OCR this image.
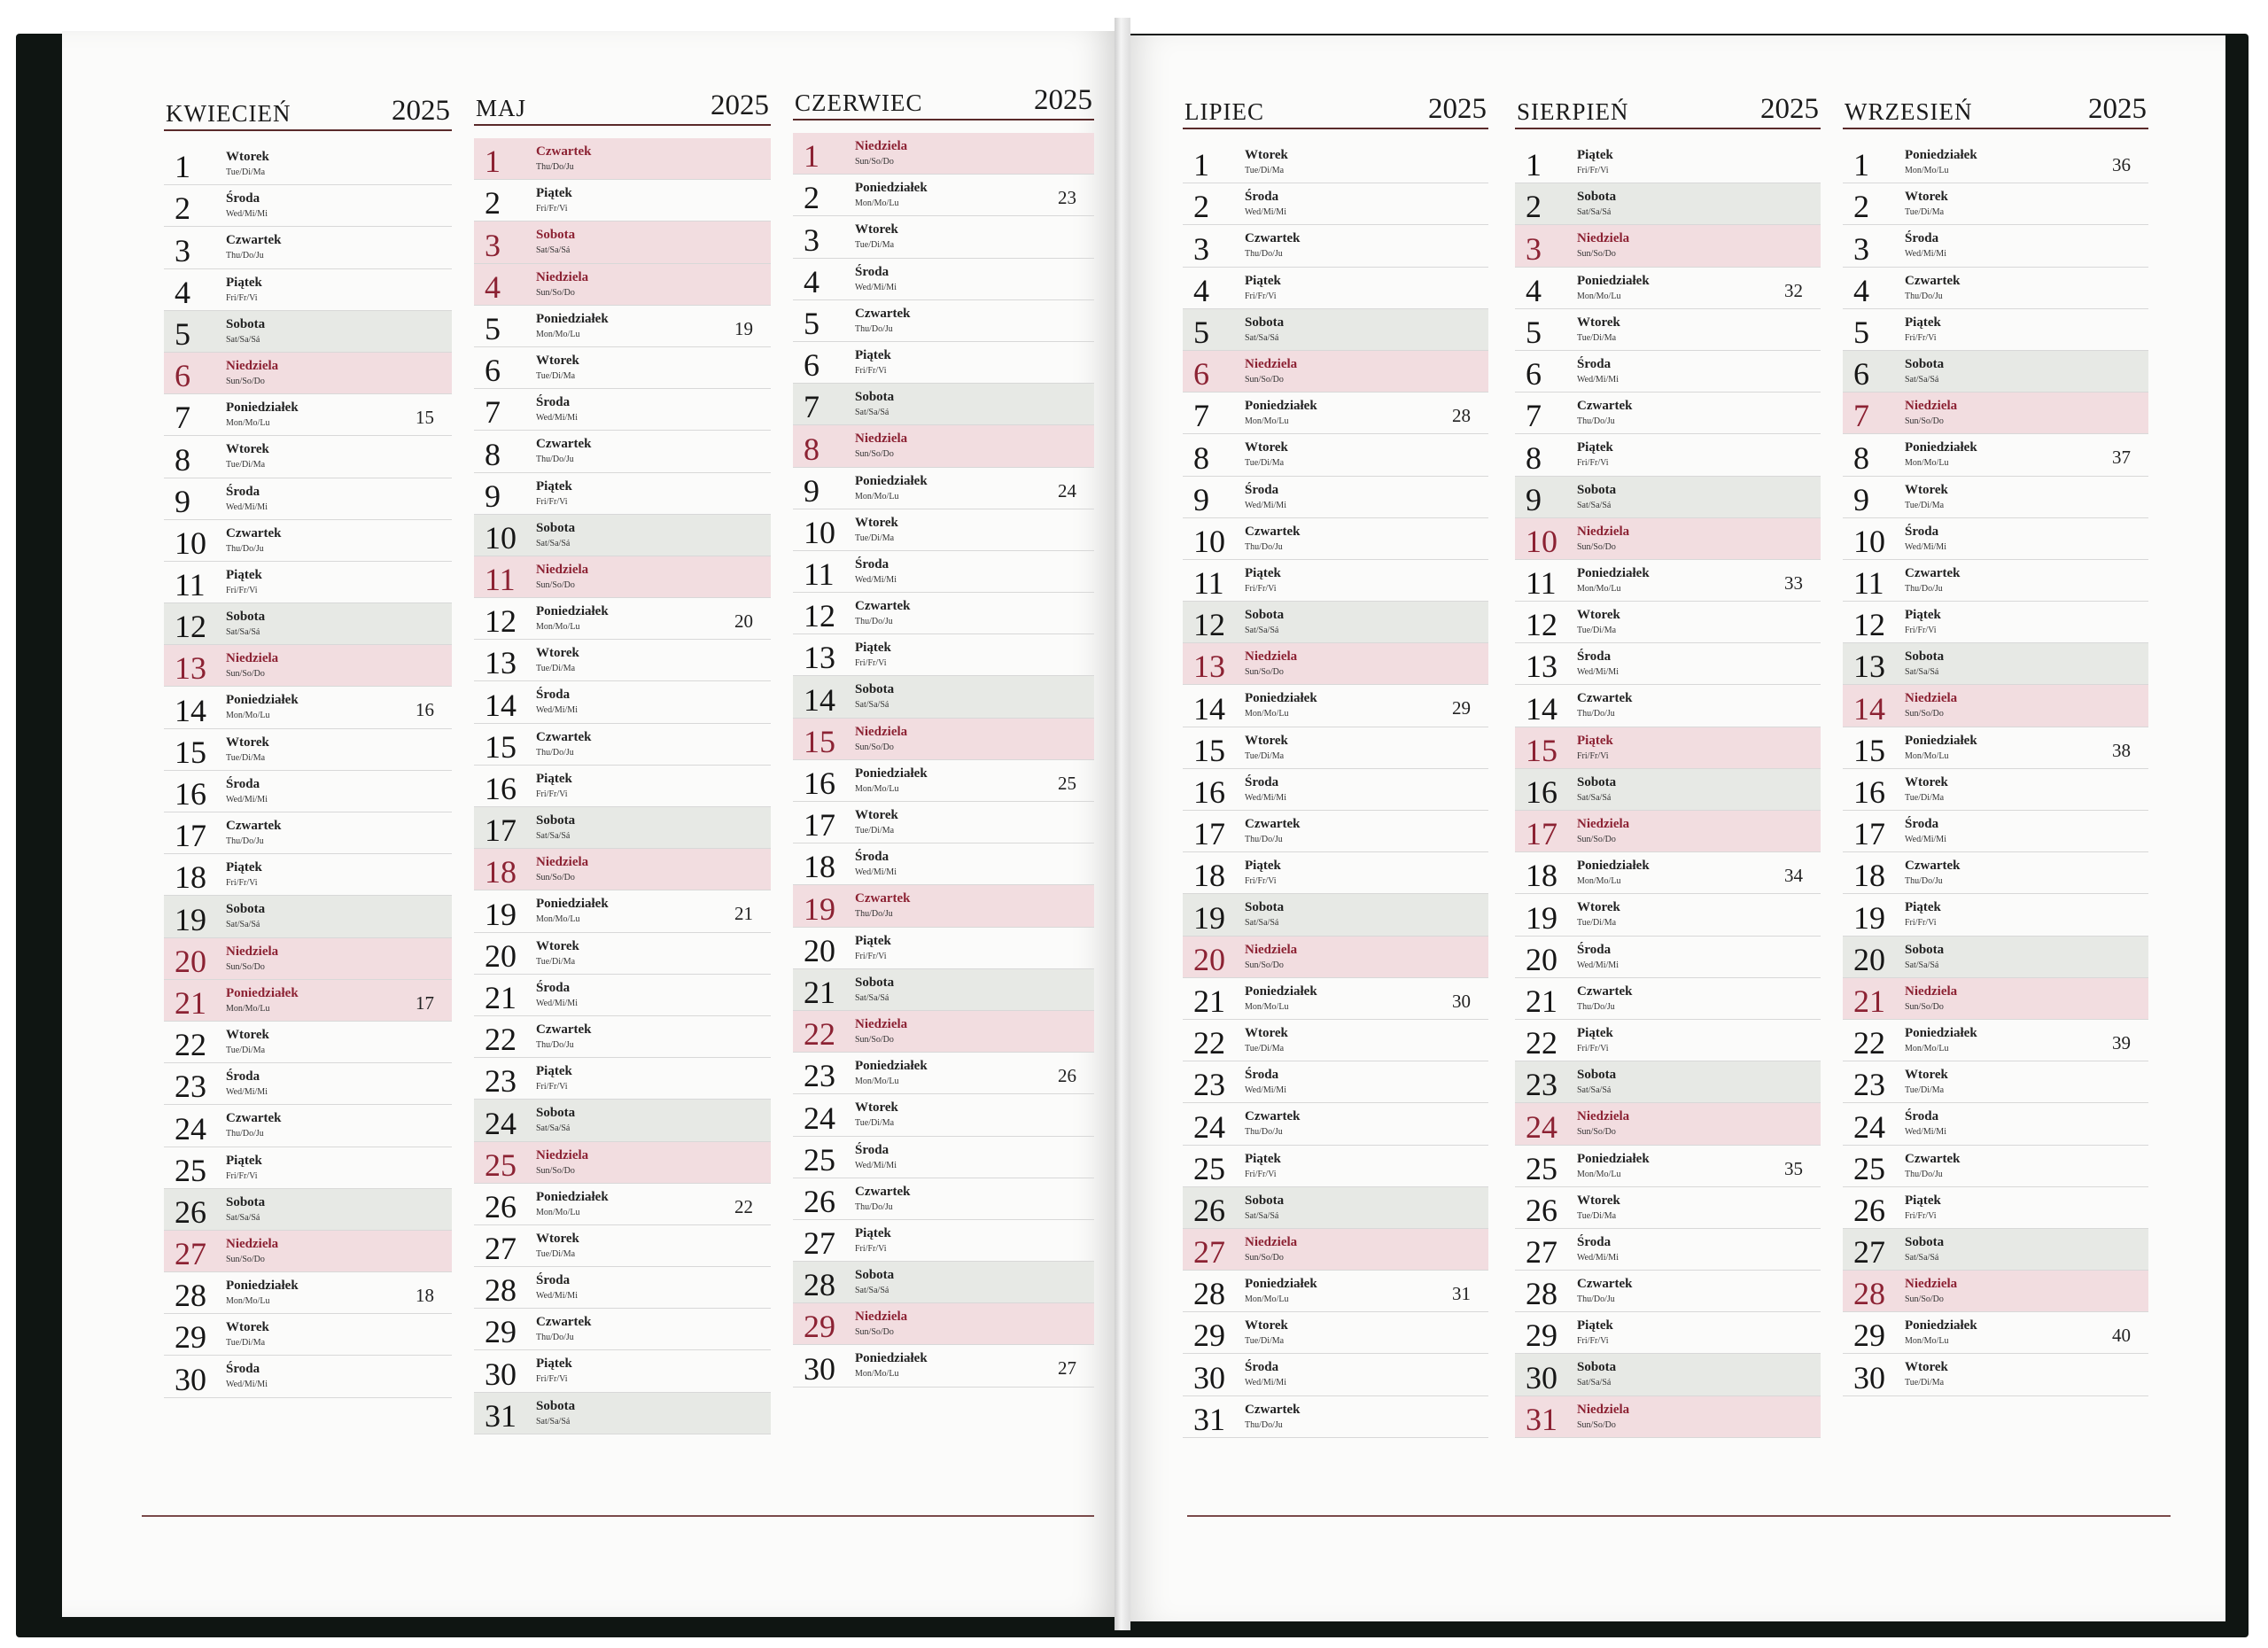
KWIECIEŃ	2025
1	Wtorek
Tue/Di/Ma
2	Środa
Wed/Mi/Mi
3	Czwartek
Thu/Do/Ju
4	Piątek
Fri/Fr/Vi
5	Sobota
Sat/Sa/Sá
6	Niedziela
Sun/So/Do
7	Poniedziałek
Mon/Mo/Lu	15
8	Wtorek
Tue/Di/Ma
9	Środa
Wed/Mi/Mi
10 Czwartek
Thu/Do/Ju
11 Piątek
Fri/Fr/Vi
12 Sobota
Sat/Sa/Sá
13 Niedziela
Sun/So/Do
14 Poniedziałek
Mon/Mo/Lu	16
15 Wtorek
Tue/Di/Ma
16 Środa
Wed/Mi/Mi
17 Czwartek
Thu/Do/Ju
18 Piątek
Fri/Fr/Vi
19 Sobota
Sat/Sa/Sá
20 Niedziela
Sun/So/Do
21 Poniedziałek
Mon/Mo/Lu	17
22 Wtorek
Tue/Di/Ma
23 Środa
Wed/Mi/Mi
24 Czwartek
Thu/Do/Ju
25 Piątek
Fri/Fr/Vi
26 Sobota
Sat/Sa/Sá
27 Niedziela
Sun/So/Do
28 Poniedziałek
Mon/Mo/Lu	18
29 Wtorek
Tue/Di/Ma
30 Środa
Wed/Mi/Mi
MAJ	2025
1	Czwartek
Thu/Do/Ju
2	Piątek
Fri/Fr/Vi
3	Sobota
Sat/Sa/Sá
4	Niedziela
Sun/So/Do
5	Poniedziałek
Mon/Mo/Lu	19
6	Wtorek
Tue/Di/Ma
7	Środa
Wed/Mi/Mi
8	Czwartek
Thu/Do/Ju
9	Piątek
Fri/Fr/Vi
10 Sobota
Sat/Sa/Sá
11 Niedziela
Sun/So/Do
12 Poniedziałek
Mon/Mo/Lu	20
13 Wtorek
Tue/Di/Ma
14 Środa
Wed/Mi/Mi
15 Czwartek
Thu/Do/Ju
16 Piątek
Fri/Fr/Vi
17 Sobota
Sat/Sa/Sá
18 Niedziela
Sun/So/Do
19 Poniedziałek
Mon/Mo/Lu	21
20 Wtorek
Tue/Di/Ma
21 Środa
Wed/Mi/Mi
22 Czwartek
Thu/Do/Ju
23 Piątek
Fri/Fr/Vi
24 Sobota
Sat/Sa/Sá
25 Niedziela
Sun/So/Do
26 Poniedziałek
Mon/Mo/Lu	22
27 Wtorek
Tue/Di/Ma
28 Środa
Wed/Mi/Mi
29 Czwartek
Thu/Do/Ju
30 Piątek
Fri/Fr/Vi
31 Sobota
Sat/Sa/Sá
CZERWIEC	2025
1	Niedziela
Sun/So/Do
2	Poniedziałek
Mon/Mo/Lu	23
3	Wtorek
Tue/Di/Ma
4	Środa
Wed/Mi/Mi
5	Czwartek
Thu/Do/Ju
6	Piątek
Fri/Fr/Vi
7	Sobota
Sat/Sa/Sá
8	Niedziela
Sun/So/Do
9	Poniedziałek
Mon/Mo/Lu	24
10 Wtorek
Tue/Di/Ma
11 Środa
Wed/Mi/Mi
12 Czwartek
Thu/Do/Ju
13 Piątek
Fri/Fr/Vi
14 Sobota
Sat/Sa/Sá
15 Niedziela
Sun/So/Do
16 Poniedziałek
Mon/Mo/Lu	25
17 Wtorek
Tue/Di/Ma
18 Środa
Wed/Mi/Mi
19 Czwartek
Thu/Do/Ju
20 Piątek
Fri/Fr/Vi
21 Sobota
Sat/Sa/Sá
22 Niedziela
Sun/So/Do
23 Poniedziałek
Mon/Mo/Lu	26
24 Wtorek
Tue/Di/Ma
25 Środa
Wed/Mi/Mi
26 Czwartek
Thu/Do/Ju
27 Piątek
Fri/Fr/Vi
28 Sobota
Sat/Sa/Sá
29 Niedziela
Sun/So/Do
30 Poniedziałek
Mon/Mo/Lu	27
LIPIEC	2025
1	Wtorek
Tue/Di/Ma
2	Środa
Wed/Mi/Mi
3	Czwartek
Thu/Do/Ju
4	Piątek
Fri/Fr/Vi
5	Sobota
Sat/Sa/Sá
6	Niedziela
Sun/So/Do
7	Poniedziałek
Mon/Mo/Lu	28
8	Wtorek
Tue/Di/Ma
9	Środa
Wed/Mi/Mi
10 Czwartek
Thu/Do/Ju
11 Piątek
Fri/Fr/Vi
12 Sobota
Sat/Sa/Sá
13 Niedziela
Sun/So/Do
14 Poniedziałek
Mon/Mo/Lu	29
15 Wtorek
Tue/Di/Ma
16 Środa
Wed/Mi/Mi
17 Czwartek
Thu/Do/Ju
18 Piątek
Fri/Fr/Vi
19 Sobota
Sat/Sa/Sá
20 Niedziela
Sun/So/Do
21 Poniedziałek
Mon/Mo/Lu	30
22 Wtorek
Tue/Di/Ma
23 Środa
Wed/Mi/Mi
24 Czwartek
Thu/Do/Ju
25 Piątek
Fri/Fr/Vi
26 Sobota
Sat/Sa/Sá
27 Niedziela
Sun/So/Do
28 Poniedziałek
Mon/Mo/Lu	31
29 Wtorek
Tue/Di/Ma
30 Środa
Wed/Mi/Mi
31 Czwartek
Thu/Do/Ju
SIERPIEŃ	2025
1	Piątek
Fri/Fr/Vi
2	Sobota
Sat/Sa/Sá
3	Niedziela
Sun/So/Do
4	Poniedziałek
Mon/Mo/Lu	32
5	Wtorek
Tue/Di/Ma
6	Środa
Wed/Mi/Mi
7	Czwartek
Thu/Do/Ju
8	Piątek
Fri/Fr/Vi
9	Sobota
Sat/Sa/Sá
10 Niedziela
Sun/So/Do
11 Poniedziałek
Mon/Mo/Lu	33
12 Wtorek
Tue/Di/Ma
13 Środa
Wed/Mi/Mi
14 Czwartek
Thu/Do/Ju
15 Piątek
Fri/Fr/Vi
16 Sobota
Sat/Sa/Sá
17 Niedziela
Sun/So/Do
18 Poniedziałek
Mon/Mo/Lu	34
19 Wtorek
Tue/Di/Ma
20 Środa
Wed/Mi/Mi
21 Czwartek
Thu/Do/Ju
22 Piątek
Fri/Fr/Vi
23 Sobota
Sat/Sa/Sá
24 Niedziela
Sun/So/Do
25 Poniedziałek
Mon/Mo/Lu	35
26 Wtorek
Tue/Di/Ma
27 Środa
Wed/Mi/Mi
28 Czwartek
Thu/Do/Ju
29 Piątek
Fri/Fr/Vi
30 Sobota
Sat/Sa/Sá
31 Niedziela
Sun/So/Do
WRZESIEŃ	2025
1	Poniedziałek
Mon/Mo/Lu	36
2	Wtorek
Tue/Di/Ma
3	Środa
Wed/Mi/Mi
4	Czwartek
Thu/Do/Ju
5	Piątek
Fri/Fr/Vi
6	Sobota
Sat/Sa/Sá
7	Niedziela
Sun/So/Do
8	Poniedziałek
Mon/Mo/Lu	37
9	Wtorek
Tue/Di/Ma
10 Środa
Wed/Mi/Mi
11 Czwartek
Thu/Do/Ju
12 Piątek
Fri/Fr/Vi
13 Sobota
Sat/Sa/Sá
14 Niedziela
Sun/So/Do
15 Poniedziałek
Mon/Mo/Lu	38
16 Wtorek
Tue/Di/Ma
17 Środa
Wed/Mi/Mi
18 Czwartek
Thu/Do/Ju
19 Piątek
Fri/Fr/Vi
20 Sobota
Sat/Sa/Sá
21 Niedziela
Sun/So/Do
22 Poniedziałek
Mon/Mo/Lu	39
23 Wtorek
Tue/Di/Ma
24 Środa
Wed/Mi/Mi
25 Czwartek
Thu/Do/Ju
26 Piątek
Fri/Fr/Vi
27 Sobota
Sat/Sa/Sá
28 Niedziela
Sun/So/Do
29 Poniedziałek
Mon/Mo/Lu	40
30 Wtorek
Tue/Di/Ma
